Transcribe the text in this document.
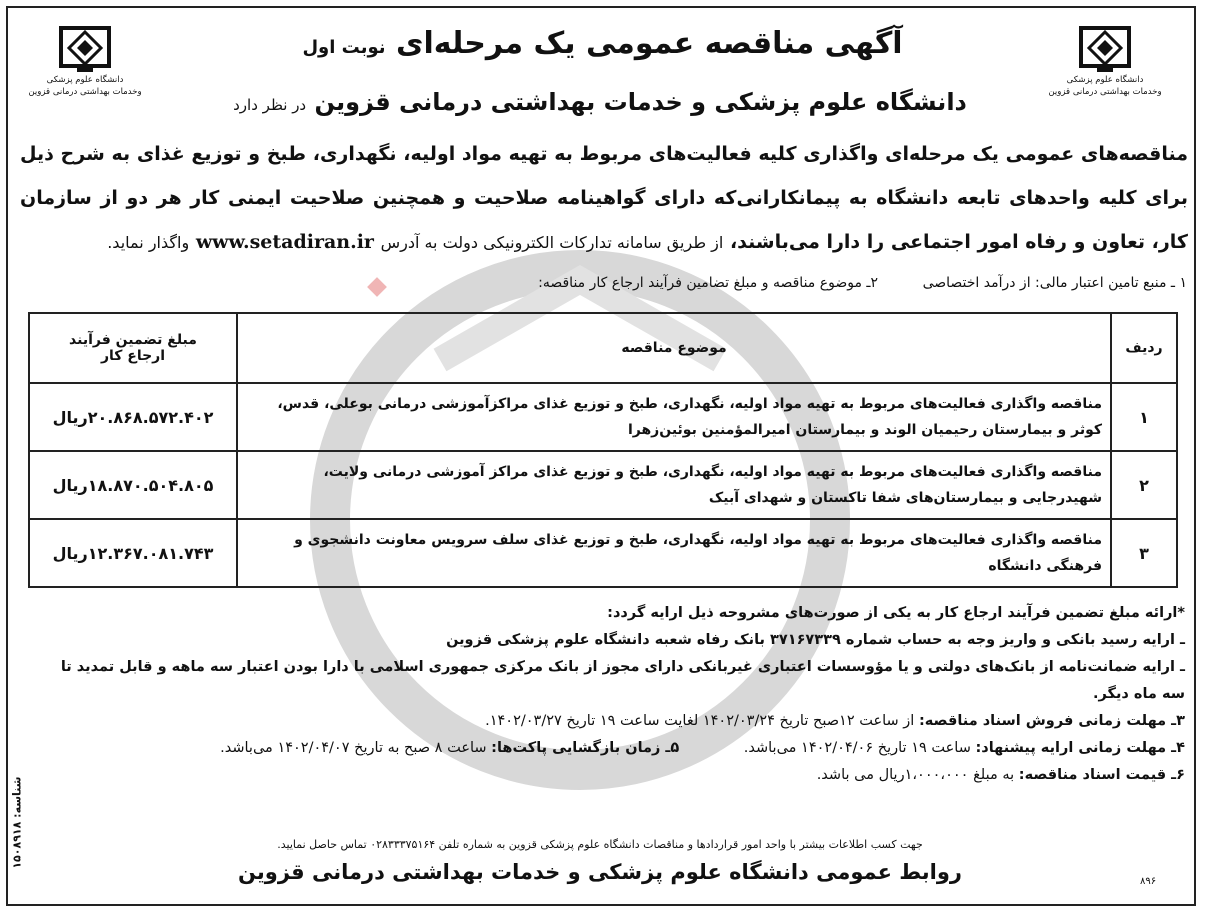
دانشگاه علوم پزشکی
وخدمات بهداشتی درمانی قزوین
دانشگاه علوم پزشکی
وخدمات بهداشتی درمانی قزوین
آگهی مناقصه عمومی یک مرحله‌ای نوبت اول
دانشگاه علوم پزشکی و خدمات بهداشتی درمانی قزوین در نظر دارد
مناقصه‌های عمومی یک مرحله‌ای واگذاری کلیه فعالیت‌های مربوط به تهیه مواد اولیه، نگهداری، طبخ و توزیع غذای به شرح ذیل برای کلیه واحدهای تابعه دانشگاه به پیمانکارانی‌که دارای گواهینامه صلاحیت و همچنین صلاحیت ایمنی کار هر دو از سازمان کار، تعاون و رفاه امور اجتماعی را دارا می‌باشند، از طریق سامانه تدارکات الکترونیکی دولت به آدرس www.setadiran.ir واگذار نماید.
۱ ـ منبع تامین اعتبار مالی: از درآمد اختصاصی          ۲ـ موضوع مناقصه و مبلغ تضامین فرآیند ارجاع کار مناقصه:
ردیف	موضوع مناقصه	مبلغ تضمین فرآیند
ارجاع کار

۱	مناقصه واگذاری فعالیت‌های مربوط به تهیه مواد اولیه، نگهداری، طبخ و توزیع غذای مراکزآموزشی درمانی بوعلی، قدس، کوثر و بیمارستان رحیمیان الوند و بیمارستان امیرالمؤمنین بوئین‌زهرا	۲۰.۸۶۸.۵۷۲.۴۰۲ریال
۲	مناقصه واگذاری فعالیت‌های مربوط به تهیه مواد اولیه، نگهداری، طبخ و توزیع غذای مراکز آموزشی درمانی ولایت، شهیدرجایی و بیمارستان‌های شفا تاکستان و شهدای آبیک	۱۸.۸۷۰.۵۰۴.۸۰۵ریال
۳	مناقصه واگذاری فعالیت‌های مربوط به تهیه مواد اولیه، نگهداری، طبخ و توزیع غذای سلف سرویس معاونت دانشجوی و فرهنگی دانشگاه	۱۲.۳۶۷.۰۸۱.۷۴۳ریال

*ارائه مبلغ تضمین فرآیند ارجاع کار به یکی از صورت‌های مشروحه ذیل ارایه گردد:

ـ ارایه رسید بانکی و واریز وجه به حساب شماره ۳۷۱۶۷۳۳۹ بانک رفاه شعبه دانشگاه علوم پزشکی قزوین

ـ ارایه ضمانت‌نامه از بانک‌های دولتی و یا مؤوسسات اعتباری غیربانکی دارای مجوز از بانک مرکزی جمهوری اسلامی با دارا بودن اعتبار سه ماهه و قابل تمدید تا سه ماه دیگر.

۳ـ مهلت زمانی فروش اسناد مناقصه: از ساعت ۱۲صبح تاریخ ۱۴۰۲/۰۳/۲۴ لغایت ساعت ۱۹ تاریخ ۱۴۰۲/۰۳/۲۷.

۴ـ مهلت زمانی ارایه پیشنهاد: ساعت ۱۹ تاریخ ۱۴۰۲/۰۴/۰۶ می‌باشد.              ۵ـ زمان بازگشایی پاکت‌ها: ساعت ۸ صبح به تاریخ ۱۴۰۲/۰۴/۰۷ می‌باشد.

۶ـ قیمت اسناد مناقصه: به مبلغ ۱،۰۰۰،۰۰۰ریال می باشد.

جهت کسب اطلاعات بیشتر با واحد امور قراردادها و مناقصات دانشگاه علوم پزشکی قزوین به شماره تلفن ۰۲۸۳۳۳۷۵۱۶۴ تماس حاصل نمایید.
روابط عمومی دانشگاه علوم پزشکی و خدمات بهداشتی درمانی قزوین	۸۹۶
شناسه: ۱۵۰۸۹۱۸
